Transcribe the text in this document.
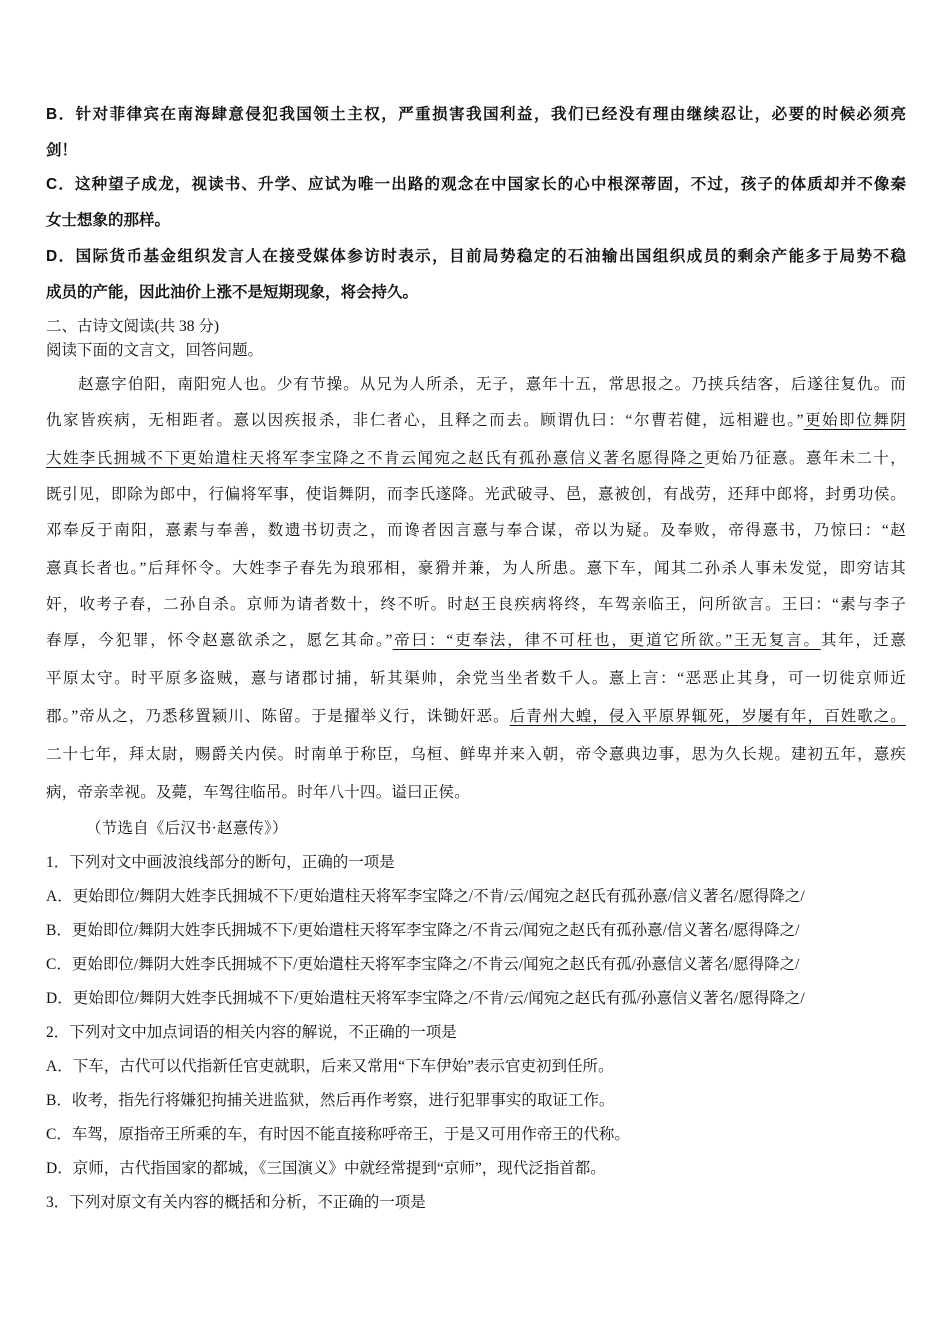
B．针对菲律宾在南海肆意侵犯我国领土主权，严重损害我国利益，我们已经没有理由继续忍让，必要的时候必须亮
剑！
C．这种望子成龙，视读书、升学、应试为唯一出路的观念在中国家长的心中根深蒂固，不过，孩子的体质却并不像秦
女士想象的那样。
D．国际货币基金组织发言人在接受媒体参访时表示，目前局势稳定的石油输出国组织成员的剩余产能多于局势不稳
成员的产能，因此油价上涨不是短期现象，将会持久。
二、古诗文阅读(共 38 分)
阅读下面的文言文，回答问题。
赵憙字伯阳，南阳宛人也。少有节操。从兄为人所杀，无子，憙年十五，常思报之。乃挟兵结客，后遂往复仇。而
仇家皆疾病，无相距者。憙以因疾报杀，非仁者心，且释之而去。顾谓仇曰：“尔曹若健，远相避也。”更始即位舞阴
大姓李氏拥城不下更始遣柱天将军李宝降之不肯云闻宛之赵氏有孤孙憙信义著名愿得降之更始乃征憙。憙年未二十，
既引见，即除为郎中，行偏将军事，使诣舞阴，而李氏遂降。光武破寻、邑，憙被创，有战劳，还拜中郎将，封勇功侯。
邓奉反于南阳，憙素与奉善，数遗书切责之，而谗者因言憙与奉合谋，帝以为疑。及奉败，帝得憙书，乃惊曰：“赵
憙真长者也。”后拜怀令。大姓李子春先为琅邪相，豪猾并兼，为人所患。憙下车，闻其二孙杀人事未发觉，即穷诘其
奸，收考子春，二孙自杀。京师为请者数十，终不听。时赵王良疾病将终，车驾亲临王，问所欲言。王曰：“素与李子
春厚，今犯罪，怀令赵憙欲杀之，愿乞其命。”帝曰：“吏奉法，律不可枉也，更道它所欲。”王无复言。其年，迁憙
平原太守。时平原多盗贼，憙与诸郡讨捕，斩其渠帅，余党当坐者数千人。憙上言：“恶恶止其身，可一切徙京师近
郡。”帝从之，乃悉移置颍川、陈留。于是擢举义行，诛锄奸恶。后青州大蝗，侵入平原界辄死，岁屡有年，百姓歌之。
二十七年，拜太尉，赐爵关内侯。时南单于称臣，乌桓、鲜卑并来入朝，帝令憙典边事，思为久长规。建初五年，憙疾
病，帝亲幸视。及薨，车驾往临吊。时年八十四。谥曰正侯。
（节选自《后汉书·赵憙传》）
1．下列对文中画波浪线部分的断句，正确的一项是
A．更始即位/舞阴大姓李氏拥城不下/更始遣柱天将军李宝降之/不肯/云/闻宛之赵氏有孤孙憙/信义著名/愿得降之/
B．更始即位/舞阴大姓李氏拥城不下/更始遣柱天将军李宝降之/不肯云/闻宛之赵氏有孤孙憙/信义著名/愿得降之/
C．更始即位/舞阴大姓李氏拥城不下/更始遣柱天将军李宝降之/不肯云/闻宛之赵氏有孤/孙憙信义著名/愿得降之/
D．更始即位/舞阴大姓李氏拥城不下/更始遣柱天将军李宝降之/不肯/云/闻宛之赵氏有孤/孙憙信义著名/愿得降之/
2．下列对文中加点词语的相关内容的解说，不正确的一项是
A．下车，古代可以代指新任官吏就职，后来又常用“下车伊始”表示官吏初到任所。
B．收考，指先行将嫌犯拘捕关进监狱，然后再作考察，进行犯罪事实的取证工作。
C．车驾，原指帝王所乘的车，有时因不能直接称呼帝王，于是又可用作帝王的代称。
D．京师，古代指国家的都城，《三国演义》中就经常提到“京师”，现代泛指首都。
3．下列对原文有关内容的概括和分析，不正确的一项是
